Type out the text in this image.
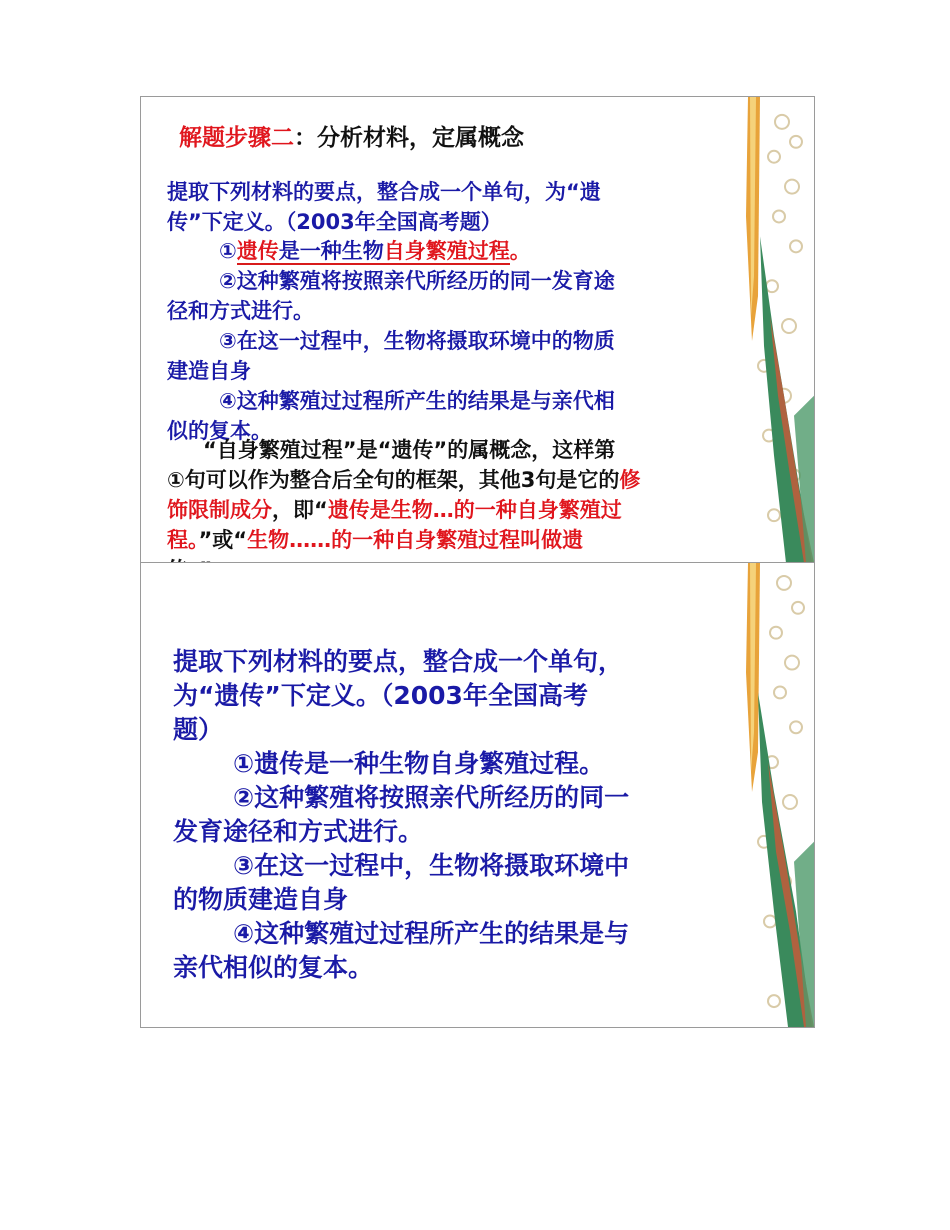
解题步骤二：分析材料，定属概念
提取下列材料的要点，整合成一个单句，为“遗
传”下定义。（2003年全国高考题）
①遗传是一种生物自身繁殖过程。
②这种繁殖将按照亲代所经历的同一发育途
径和方式进行。
③在这一过程中，生物将摄取环境中的物质
建造自身
④这种繁殖过过程所产生的结果是与亲代相
似的复本。
“自身繁殖过程”是“遗传”的属概念，这样第
①句可以作为整合后全句的框架，其他3句是它的修
饰限制成分，即“遗传是生物…的一种自身繁殖过
程。”或“生物……的一种自身繁殖过程叫做遗
提取下列材料的要点，整合成一个单句，
为“遗传”下定义。（2003年全国高考
题）
①遗传是一种生物自身繁殖过程。
②这种繁殖将按照亲代所经历的同一
发育途径和方式进行。
③在这一过程中，生物将摄取环境中
的物质建造自身
④这种繁殖过过程所产生的结果是与
亲代相似的复本。
